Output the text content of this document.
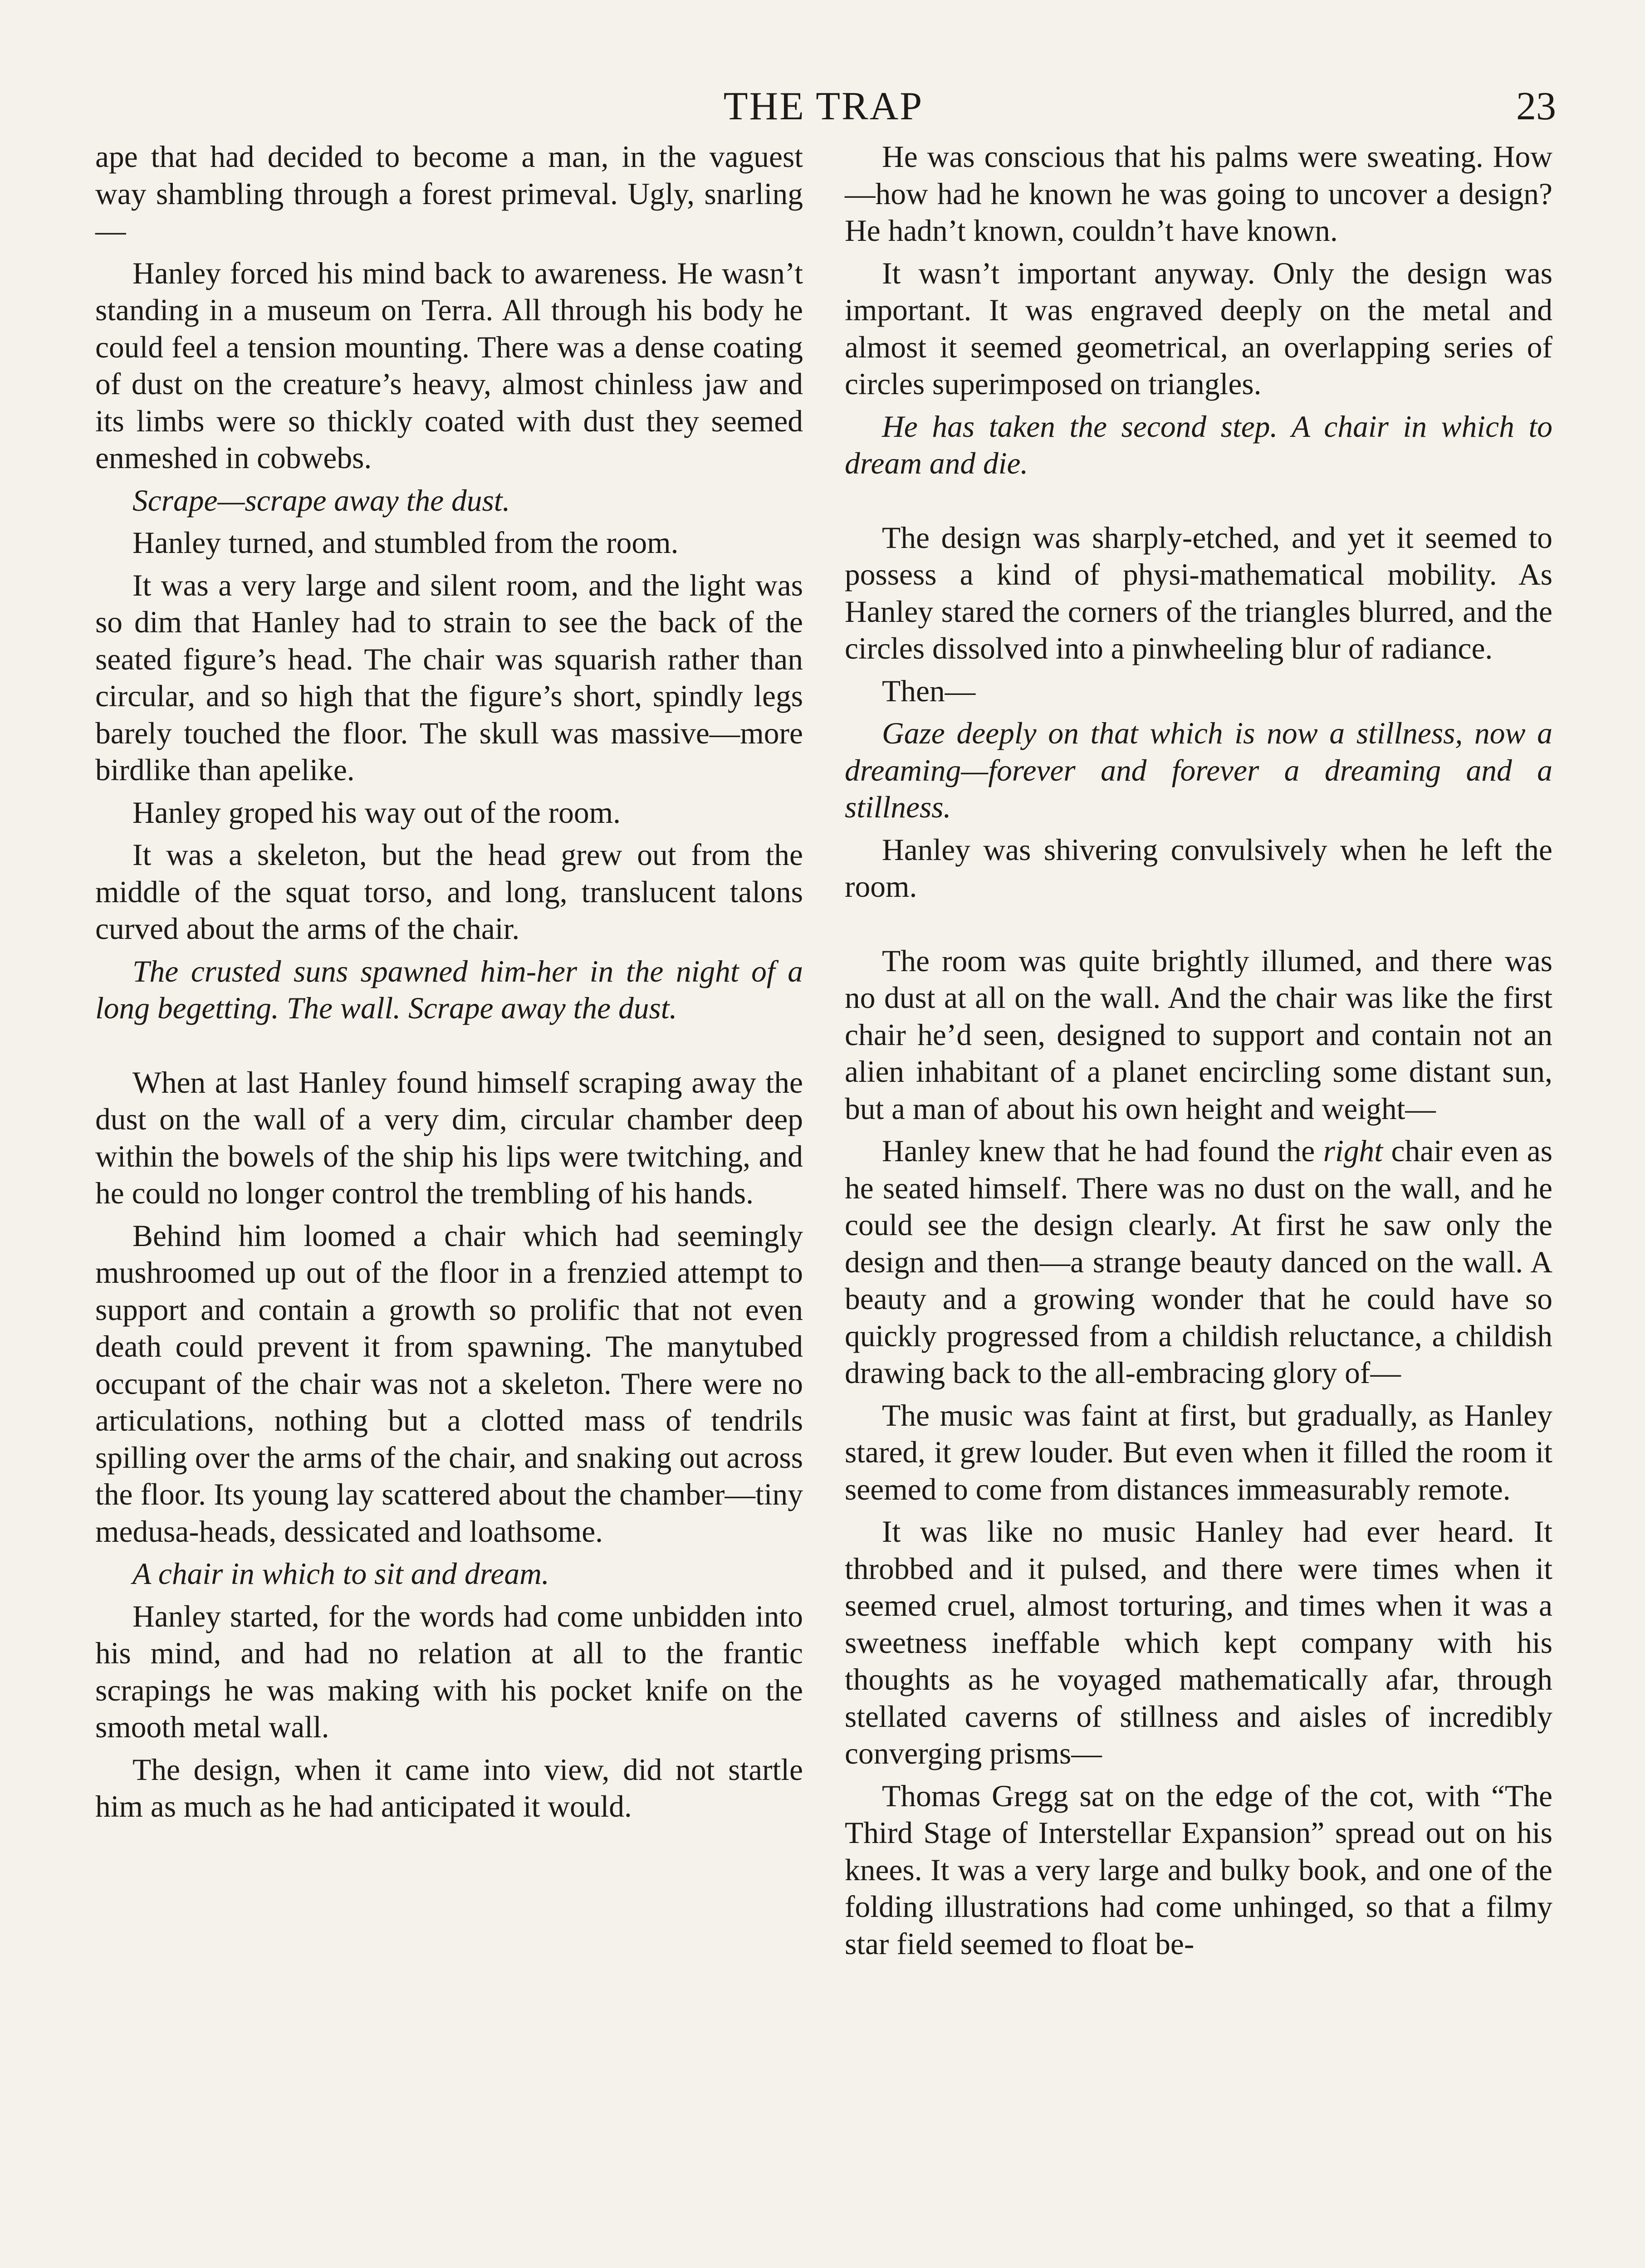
THE TRAP	23

ape that had decided to become a man, in the vaguest way shambling through a forest primeval. Ugly, snarling—

Hanley forced his mind back to awareness. He wasn’t standing in a museum on Terra. All through his body he could feel a tension mounting. There was a dense coating of dust on the creature’s heavy, almost chinless jaw and its limbs were so thickly coated with dust they seemed enmeshed in cobwebs.

Scrape—scrape away the dust.

Hanley turned, and stumbled from the room.

It was a very large and silent room, and the light was so dim that Hanley had to strain to see the back of the seated figure’s head. The chair was squarish rather than circular, and so high that the figure’s short, spindly legs barely touched the floor. The skull was massive—more birdlike than apelike.

Hanley groped his way out of the room.

It was a skeleton, but the head grew out from the middle of the squat torso, and long, translucent talons curved about the arms of the chair.

The crusted suns spawned him-her in the night of a long begetting. The wall. Scrape away the dust.

When at last Hanley found himself scraping away the dust on the wall of a very dim, circular chamber deep within the bowels of the ship his lips were twitching, and he could no longer control the trembling of his hands.

Behind him loomed a chair which had seemingly mushroomed up out of the floor in a frenzied attempt to support and contain a growth so prolific that not even death could prevent it from spawning. The manytubed occupant of the chair was not a skeleton. There were no articulations, nothing but a clotted mass of tendrils spilling over the arms of the chair, and snaking out across the floor. Its young lay scattered about the chamber—tiny medusa-heads, dessicated and loathsome.

A chair in which to sit and dream.

Hanley started, for the words had come unbidden into his mind, and had no relation at all to the frantic scrapings he was making with his pocket knife on the smooth metal wall.

The design, when it came into view, did not startle him as much as he had anticipated it would.

He was conscious that his palms were sweating. How—how had he known he was going to uncover a design? He hadn’t known, couldn’t have known.

It wasn’t important anyway. Only the design was important. It was engraved deeply on the metal and almost it seemed geometrical, an overlapping series of circles superimposed on triangles.

He has taken the second step. A chair in which to dream and die.

The design was sharply-etched, and yet it seemed to possess a kind of physi-mathematical mobility. As Hanley stared the corners of the triangles blurred, and the circles dissolved into a pinwheeling blur of radiance.

Then—

Gaze deeply on that which is now a stillness, now a dreaming—forever and forever a dreaming and a stillness.

Hanley was shivering convulsively when he left the room.

The room was quite brightly illumed, and there was no dust at all on the wall. And the chair was like the first chair he’d seen, designed to support and contain not an alien inhabitant of a planet encircling some distant sun, but a man of about his own height and weight—

Hanley knew that he had found the right chair even as he seated himself. There was no dust on the wall, and he could see the design clearly. At first he saw only the design and then—a strange beauty danced on the wall. A beauty and a growing wonder that he could have so quickly progressed from a childish reluctance, a childish drawing back to the all-embracing glory of—

The music was faint at first, but gradually, as Hanley stared, it grew louder. But even when it filled the room it seemed to come from distances immeasurably remote.

It was like no music Hanley had ever heard. It throbbed and it pulsed, and there were times when it seemed cruel, almost torturing, and times when it was a sweetness ineffable which kept company with his thoughts as he voyaged mathematically afar, through stellated caverns of stillness and aisles of incredibly converging prisms—

Thomas Gregg sat on the edge of the cot, with “The Third Stage of Interstellar Expansion” spread out on his knees. It was a very large and bulky book, and one of the folding illustrations had come unhinged, so that a filmy star field seemed to float be-
